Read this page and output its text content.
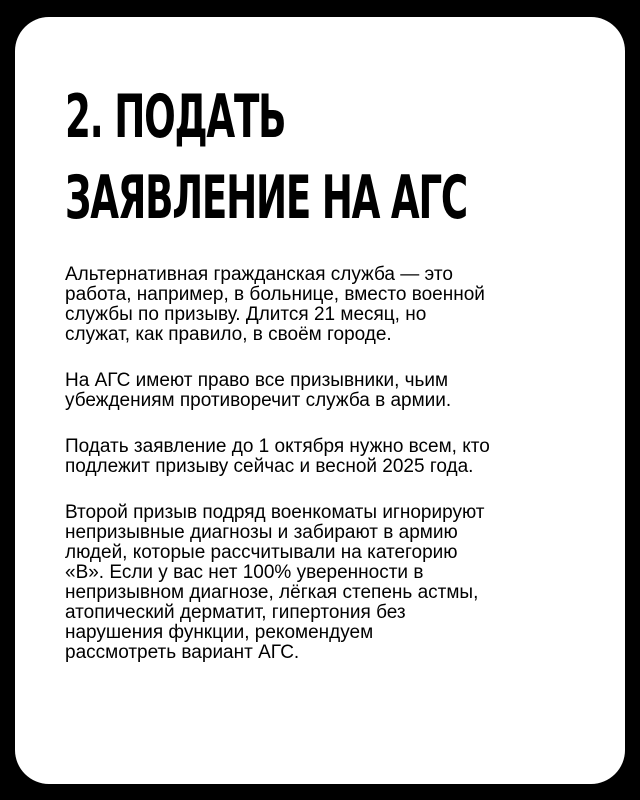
2. ПОДАТЬ
ЗАЯВЛЕНИЕ НА АГС

Альтернативная гражданская служба — это
работа, например, в больнице, вместо военной
службы по призыву. Длится 21 месяц, но
служат, как правило, в своём городе.

На АГС имеют право все призывники, чьим
убеждениям противоречит служба в армии.

Подать заявление до 1 октября нужно всем, кто
подлежит призыву сейчас и весной 2025 года.

Второй призыв подряд военкоматы игнорируют
непризывные диагнозы и забирают в армию
людей, которые рассчитывали на категорию
«В». Если у вас нет 100% уверенности в
непризывном диагнозе, лёгкая степень астмы,
атопический дерматит, гипертония без
нарушения функции, рекомендуем
рассмотреть вариант АГС.
